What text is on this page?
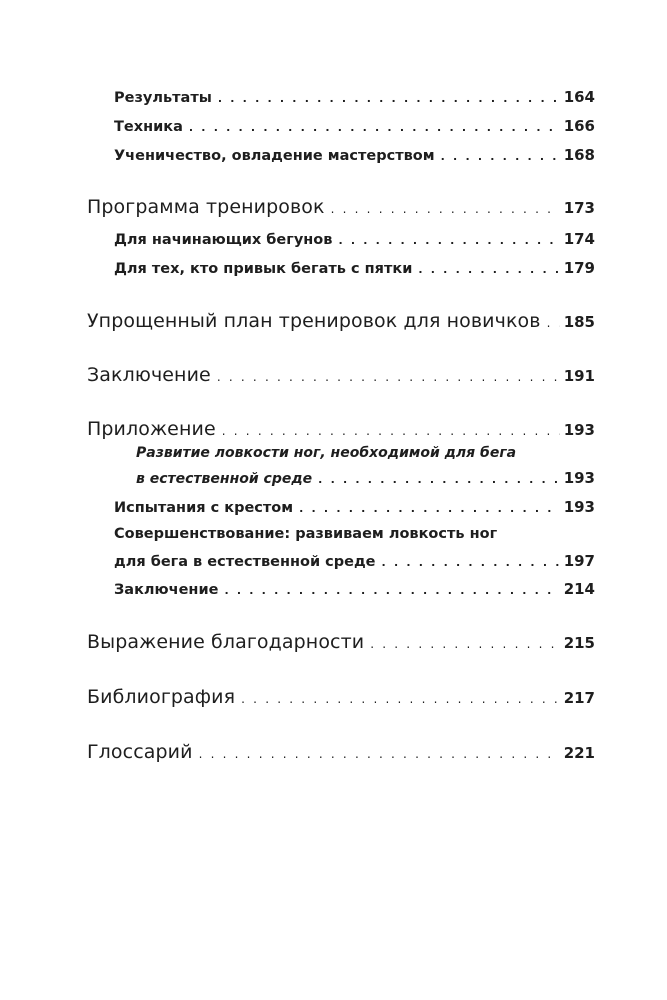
Результаты . . .	164
Техника . . .	166
Ученичество, овладение мастерством . . .	168
Программа тренировок . . .	173
Для начинающих бегунов . . .	174
Для тех, кто привык бегать с пятки . . .	179
Упрощенный план тренировок для новичков . . . 185
Заключение . . .	191
Приложение . . .	193
Развитие ловкости ног, необходимой для бега
в естественной среде . . .	193
Испытания с крестом . . .	193
Совершенствование: развиваем ловкость ног
для бега в естественной среде . . .	197
Заключение . . .	214
Выражение благодарности . . .	215
Библиография . . .	217
Глоссарий . . .	221
